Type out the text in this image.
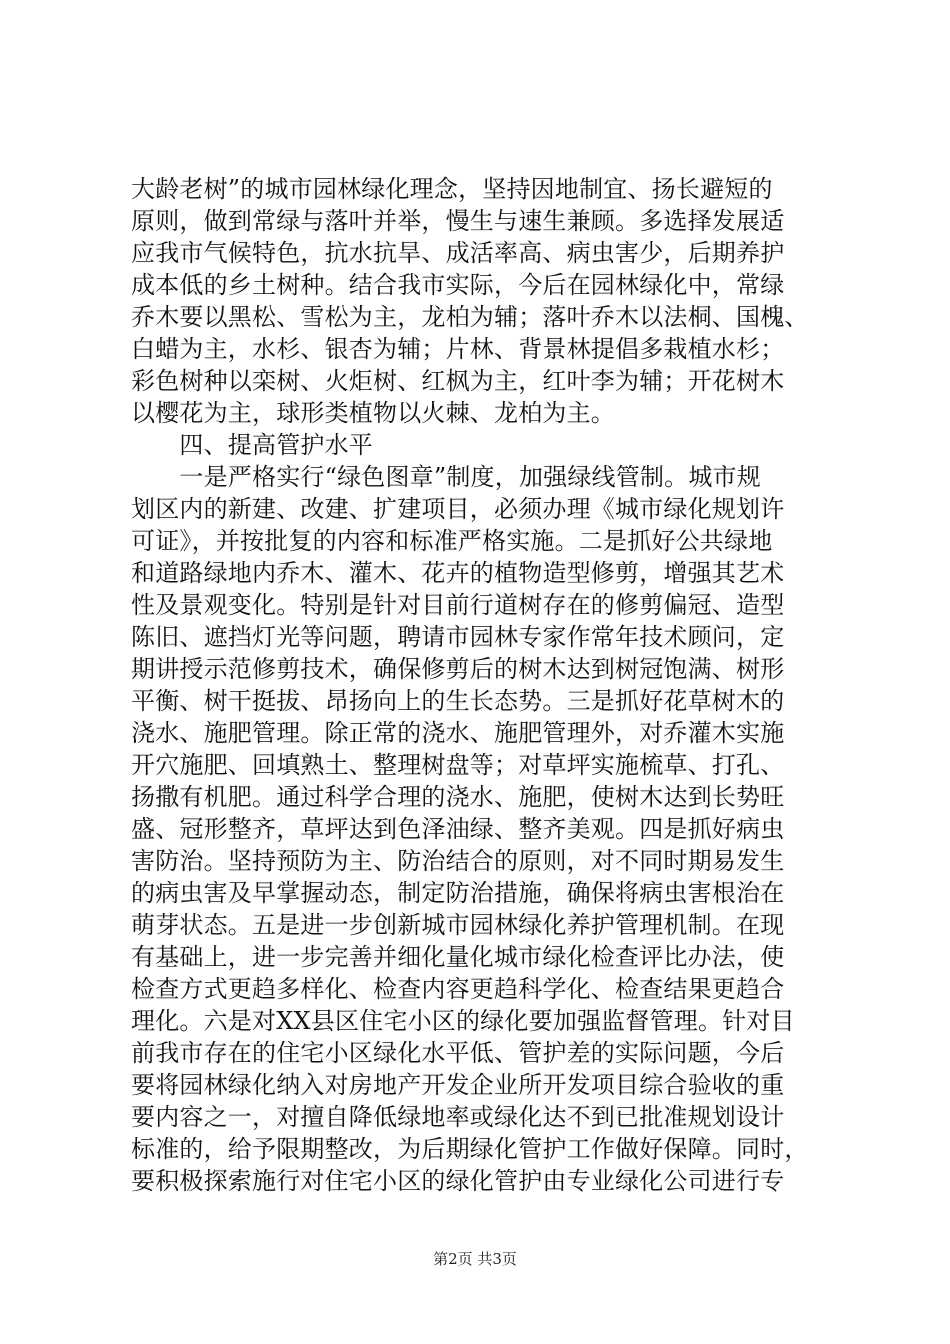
大龄老树”的城市园林绿化理念，坚持因地制宜、扬长避短的
原则，做到常绿与落叶并举，慢生与速生兼顾。多选择发展适
应我市气候特色，抗水抗旱、成活率高、病虫害少，后期养护
成本低的乡土树种。结合我市实际，今后在园林绿化中，常绿
乔木要以黑松、雪松为主，龙柏为辅；落叶乔木以法桐、国槐、
白蜡为主，水杉、银杏为辅；片林、背景林提倡多栽植水杉；
彩色树种以栾树、火炬树、红枫为主，红叶李为辅；开花树木
以樱花为主，球形类植物以火棘、龙柏为主。
　　四、提高管护水平
　　一是严格实行“绿色图章”制度，加强绿线管制。城市规
划区内的新建、改建、扩建项目，必须办理《城市绿化规划许
可证》，并按批复的内容和标准严格实施。二是抓好公共绿地
和道路绿地内乔木、灌木、花卉的植物造型修剪，增强其艺术
性及景观变化。特别是针对目前行道树存在的修剪偏冠、造型
陈旧、遮挡灯光等问题，聘请市园林专家作常年技术顾问，定
期讲授示范修剪技术，确保修剪后的树木达到树冠饱满、树形
平衡、树干挺拔、昂扬向上的生长态势。三是抓好花草树木的
浇水、施肥管理。除正常的浇水、施肥管理外，对乔灌木实施
开穴施肥、回填熟土、整理树盘等；对草坪实施梳草、打孔、
扬撒有机肥。通过科学合理的浇水、施肥，使树木达到长势旺
盛、冠形整齐，草坪达到色泽油绿、整齐美观。四是抓好病虫
害防治。坚持预防为主、防治结合的原则，对不同时期易发生
的病虫害及早掌握动态，制定防治措施，确保将病虫害根治在
萌芽状态。五是进一步创新城市园林绿化养护管理机制。在现
有基础上，进一步完善并细化量化城市绿化检查评比办法，使
检查方式更趋多样化、检查内容更趋科学化、检查结果更趋合
理化。六是对XX县区住宅小区的绿化要加强监督管理。针对目
前我市存在的住宅小区绿化水平低、管护差的实际问题，今后
要将园林绿化纳入对房地产开发企业所开发项目综合验收的重
要内容之一，对擅自降低绿地率或绿化达不到已批准规划设计
标准的，给予限期整改，为后期绿化管护工作做好保障。同时，
要积极探索施行对住宅小区的绿化管护由专业绿化公司进行专
第2页 共3页
